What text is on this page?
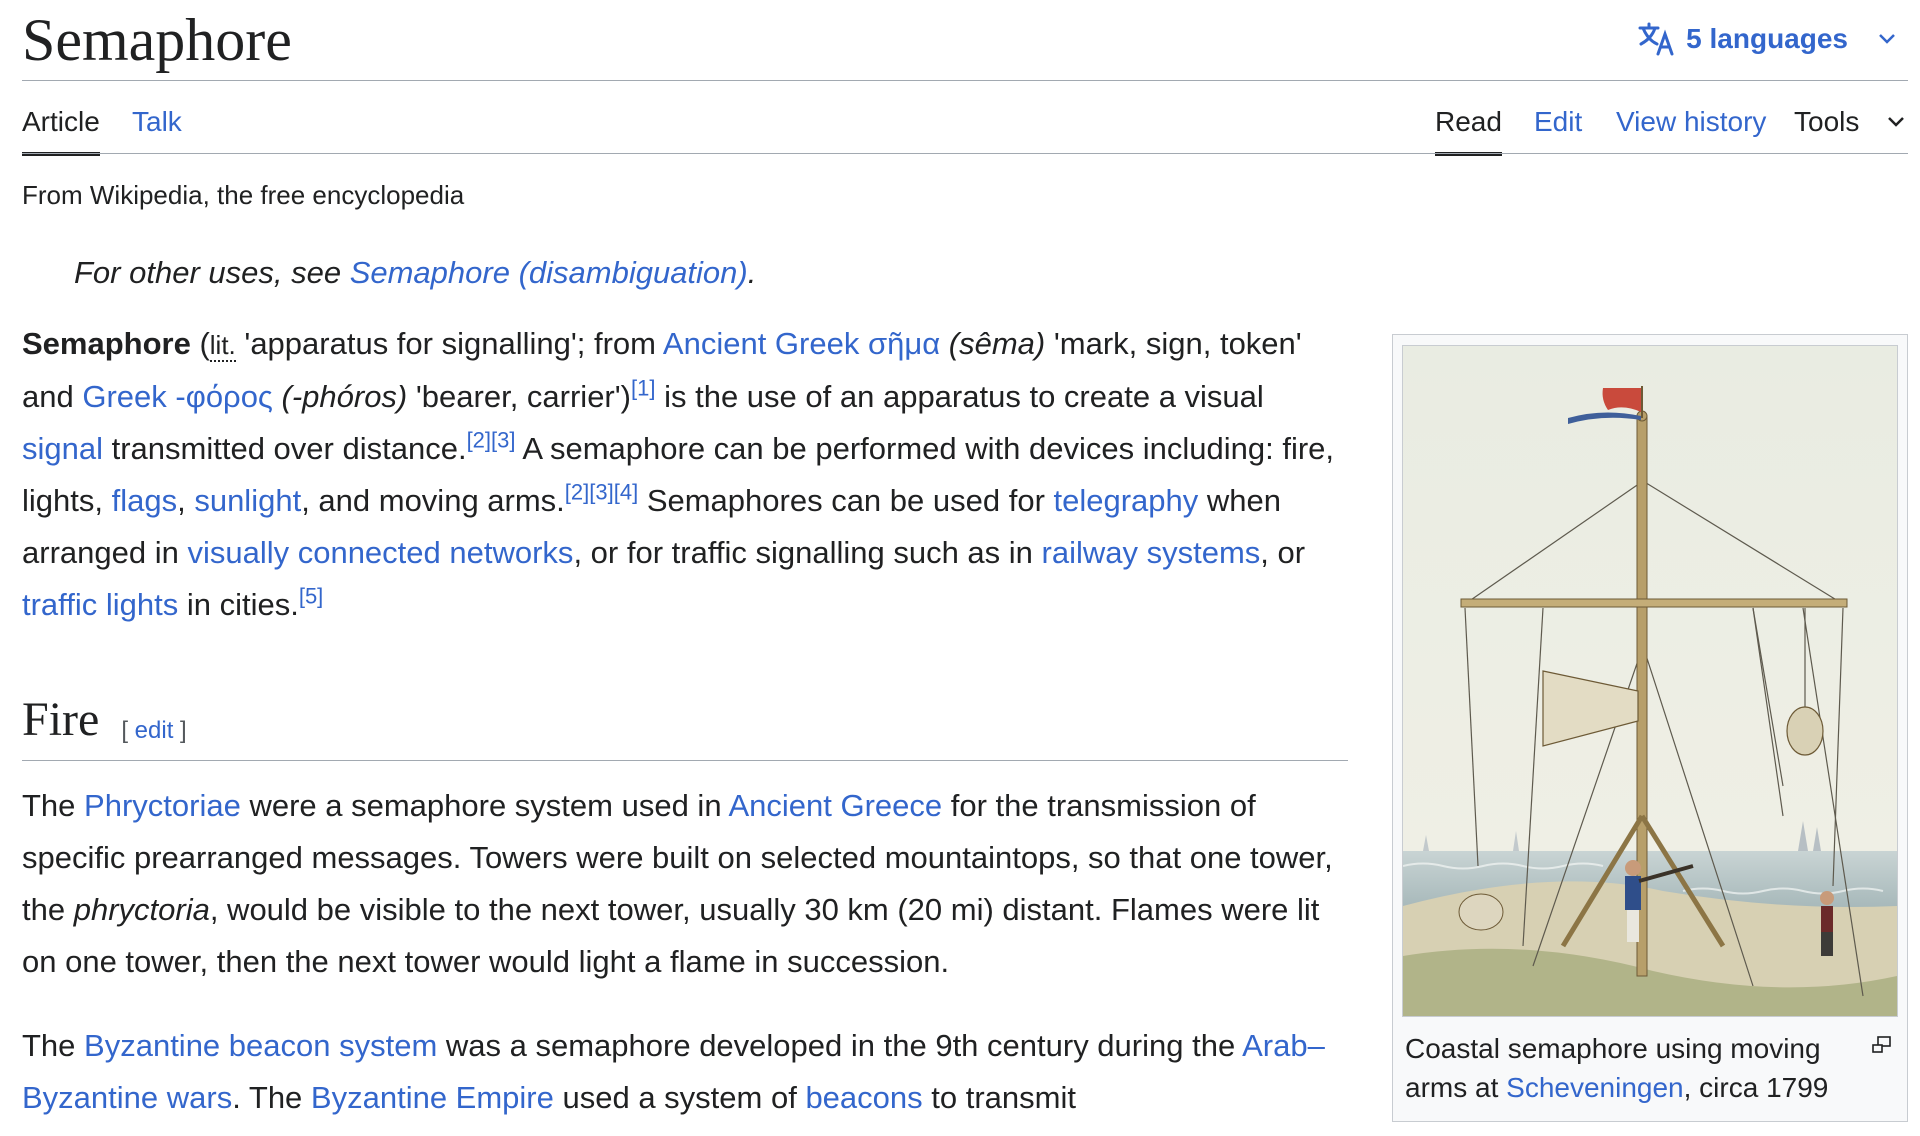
Semaphore	5 languages
Article Talk	Read Edit View history Tools
From Wikipedia, the free encyclopedia
For other uses, see Semaphore (disambiguation).

Semaphore (lit. 'apparatus for signalling'; from Ancient Greek σῆμα (sêma) 'mark, sign, token' and Greek -φόρος (-phóros) 'bearer, carrier')[1] is the use of an apparatus to create a visual signal transmitted over distance.[2][3] A semaphore can be performed with devices including: fire, lights, flags, sunlight, and moving arms.[2][3][4] Semaphores can be used for telegraphy when arranged in visually connected networks, or for traffic signalling such as in railway systems, or traffic lights in cities.[5]

Fire [ edit ]

The Phryctoriae were a semaphore system used in Ancient Greece for the transmission of specific prearranged messages. Towers were built on selected mountaintops, so that one tower, the phryctoria, would be visible to the next tower, usually 30 km (20 mi) distant. Flames were lit on one tower, then the next tower would light a flame in succession.

The Byzantine beacon system was a semaphore developed in the 9th century during the Arab–Byzantine wars. The Byzantine Empire used a system of beacons to transmit

Coastal semaphore using moving arms at Scheveningen, circa 1799
